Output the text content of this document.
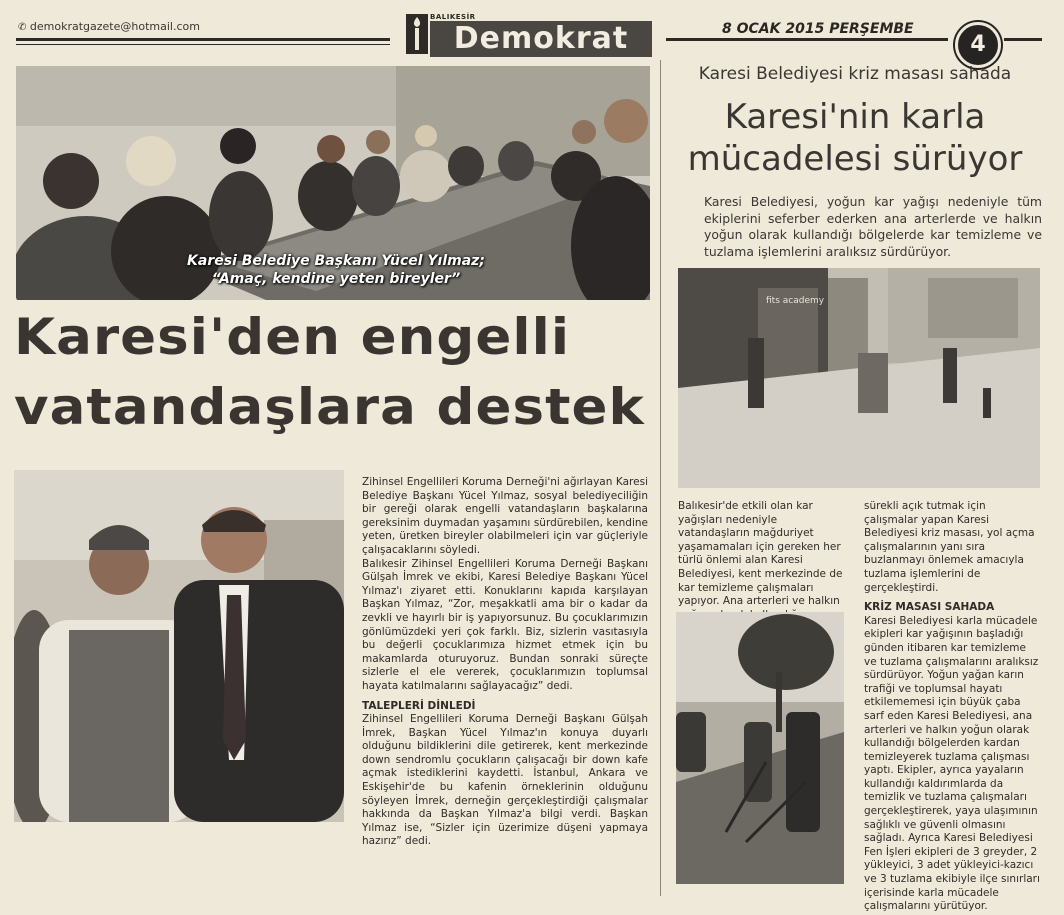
✆ demokratgazete@hotmail.com
BALIKESİR
Demokrat	8 OCAK 2015 PERŞEMBE
4
Karesi Belediye Başkanı Yücel Yılmaz;
“Amaç, kendine yeten bireyler”
Karesi'den engelli
vatandaşlara destek

Zihinsel Engellileri Koruma Derneği'ni ağırlayan Karesi Belediye Başkanı Yücel Yılmaz, sosyal belediyeciliğin bir gereği olarak engelli vatandaşların başkalarına gereksinim duymadan yaşamını sürdürebilen, kendine yeten, üretken bireyler olabilmeleri için var güçleriyle çalışacaklarını söyledi.

Balıkesir Zihinsel Engellileri Koruma Derneği Başkanı Gülşah İmrek ve ekibi, Karesi Belediye Başkanı Yücel Yılmaz'ı ziyaret etti. Konuklarını kapıda karşılayan Başkan Yılmaz, “Zor, meşakkatli ama bir o kadar da zevkli ve hayırlı bir iş yapıyorsunuz. Bu çocuklarımızın gönlümüzdeki yeri çok farklı. Biz, sizlerin vasıtasıyla bu değerli çocuklarımıza hizmet etmek için bu makamlarda oturuyoruz. Bundan sonraki süreçte sizlerle el ele vererek, çocuklarımızın toplumsal hayata katılmalarını sağlayacağız” dedi.

TALEPLERİ DİNLEDİ

Zihinsel Engellileri Koruma Derneği Başkanı Gülşah İmrek, Başkan Yücel Yılmaz'ın konuya duyarlı olduğunu bildiklerini dile getirerek, kent merkezinde down sendromlu çocukların çalışacağı bir down kafe açmak istediklerini kaydetti. İstanbul, Ankara ve Eskişehir'de bu kafenin örneklerinin olduğunu söyleyen İmrek, derneğin gerçekleştirdiği çalışmalar hakkında da Başkan Yılmaz'a bilgi verdi. Başkan Yılmaz ise, “Sizler için üzerimize düşeni yapmaya hazırız” dedi.

Karesi Belediyesi kriz masası sahada
Karesi'nin karla
mücadelesi sürüyor
Karesi Belediyesi, yoğun kar yağışı nedeniyle tüm ekiplerini seferber ederken ana arterlerde ve halkın yoğun olarak kullandığı bölgelerde kar temizleme ve tuzlama işlemlerini aralıksız sürdürüyor.
fits academy
Balıkesir'de etkili olan kar yağışları nedeniyle vatandaşların mağduriyet yaşamamaları için gereken her türlü önlemi alan Karesi Belediyesi, kent merkezinde de kar temizleme çalışmaları yapıyor. Ana arterleri ve halkın

sürekli açık tutmak için çalışmalar yapan Karesi Belediyesi kriz masası, yol açma çalışmalarının yanı sıra buzlanmayı önlemek amacıyla tuzlama işlemlerini de gerçekleştirdi.

KRİZ MASASI SAHADA

Karesi Belediyesi karla mücadele ekipleri kar yağışının başladığı günden itibaren kar temizleme ve tuzlama çalışmalarını aralıksız sürdürüyor. Yoğun yağan karın trafiği ve toplumsal hayatı etkilememesi için büyük çaba sarf eden Karesi Belediyesi, ana arterleri ve halkın yoğun olarak kullandığı bölgelerden kardan temizleyerek tuzlama çalışması yaptı. Ekipler, ayrıca yayaların kullandığı kaldırımlarda da temizlik ve tuzlama çalışmaları gerçekleştirerek, yaya ulaşımının sağlıklı ve güvenli olmasını sağladı. Ayrıca Karesi Belediyesi Fen İşleri ekipleri de 3 greyder, 2 yükleyici, 3 adet yükleyici-kazıcı ve 3 tuzlama ekibiyle ilçe sınırları içerisinde karla mücadele çalışmalarını yürütüyor.
